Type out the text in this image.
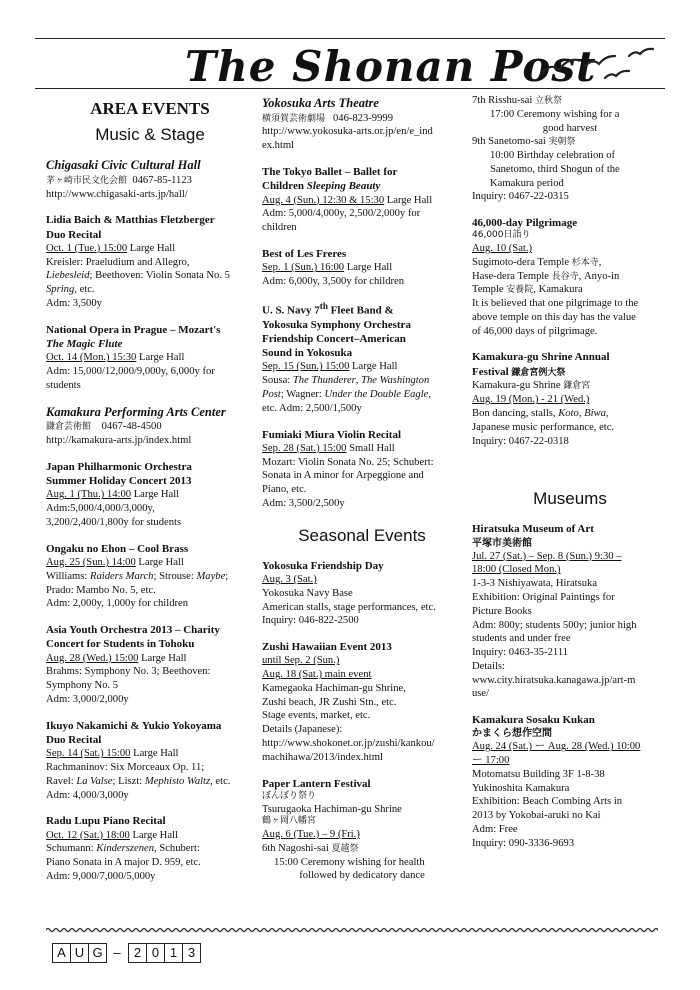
The Shonan Post
AREA EVENTS
Music & Stage
Chigasaki Civic Cultural Hall
茅ヶ崎市民文化会館 0467-85-1123
http://www.chigasaki-arts.jp/hall/
Lidia Baich & Matthias Fletzberger
Duo Recital
Oct. 1 (Tue.) 15:00 Large Hall
Kreisler: Praeludium and Allegro,
Liebesleid; Beethoven: Violin Sonata No. 5
Spring, etc.
Adm: 3,500y
National Opera in Prague – Mozart's
The Magic Flute
Oct. 14 (Mon.) 15:30 Large Hall
Adm: 15,000/12,000/9,000y, 6,000y for
students
Kamakura Performing Arts Center
鎌倉芸術館 0467-48-4500
http://kamakura-arts.jp/index.html
Japan Philharmonic Orchestra
Summer Holiday Concert 2013
Aug. 1 (Thu.) 14:00 Large Hall
Adm:5,000/4,000/3,000y,
3,200/2,400/1,800y for students
Ongaku no Ehon – Cool Brass
Aug. 25 (Sun.) 14:00 Large Hall
Williams: Raiders March; Strouse: Maybe;
Prado: Mambo No. 5, etc.
Adm: 2,000y, 1,000y for children
Asia Youth Orchestra 2013 – Charity
Concert for Students in Tohoku
Aug. 28 (Wed.) 15:00 Large Hall
Brahms: Symphony No. 3; Beethoven:
Symphony No. 5
Adm: 3,000/2,000y
Ikuyo Nakamichi & Yukio Yokoyama
Duo Recital
Sep. 14 (Sat.) 15:00 Large Hall
Rachmaninov: Six Morceaux Op. 11;
Ravel: La Valse; Liszt: Mephisto Waltz, etc.
Adm: 4,000/3,000y
Radu Lupu Piano Recital
Oct. 12 (Sat.) 18:00 Large Hall
Schumann: Kinderszenen, Schubert:
Piano Sonata in A major D. 959, etc.
Adm: 9,000/7,000/5,000y
Yokosuka Arts Theatre
横須賀芸術劇場 046-823-9999
http://www.yokosuka-arts.or.jp/en/e_ind
ex.html
The Tokyo Ballet – Ballet for
Children Sleeping Beauty
Aug. 4 (Sun.) 12:30 & 15:30 Large Hall
Adm: 5,000/4,000y, 2,500/2,000y for
children
Best of Les Freres
Sep. 1 (Sun.) 16:00 Large Hall
Adm: 6,000y, 3,500y for children
U. S. Navy 7th Fleet Band &
Yokosuka Symphony Orchestra
Friendship Concert–American
Sound in Yokosuka
Sep. 15 (Sun.) 15:00 Large Hall
Sousa: The Thunderer, The Washington
Post; Wagner: Under the Double Eagle,
etc. Adm: 2,500/1,500y
Fumiaki Miura Violin Recital
Sep. 28 (Sat.) 15:00 Small Hall
Mozart: Violin Sonata No. 25; Schubert:
Sonata in A minor for Arpeggione and
Piano, etc.
Adm: 3,500/2,500y
Seasonal Events
Yokosuka Friendship Day
Aug. 3 (Sat.)
Yokosuka Navy Base
American stalls, stage performances, etc.
Inquiry: 046-822-2500
Zushi Hawaiian Event 2013
until Sep. 2 (Sun.)
Aug. 18 (Sat.) main event
Kamegaoka Hachiman-gu Shrine,
Zushi beach, JR Zushi Stn., etc.
Stage events, market, etc.
Details (Japanese):
http://www.shokonet.or.jp/zushi/kankou/
machihawa/2013/index.html
Paper Lantern Festival
ぼんぼり祭り
Tsurugaoka Hachiman-gu Shrine
鶴ヶ岡八幡宮
Aug. 6 (Tue.) – 9 (Fri.)
6th Nagoshi-sai 夏越祭
15:00 Ceremony wishing for health
followed by dedicatory dance
7th Risshu-sai 立秋祭
17:00 Ceremony wishing for a
good harvest
9th Sanetomo-sai 実朝祭
10:00 Birthday celebration of
Sanetomo, third Shogun of the
Kamakura period
Inquiry: 0467-22-0315
46,000-day Pilgrimage
46,000日詣り
Aug. 10 (Sat.)
Sugimoto-dera Temple 杉本寺,
Hase-dera Temple 長谷寺, Anyo-in
Temple 安養院, Kamakura
It is believed that one pilgrimage to the
above temple on this day has the value
of 46,000 days of pilgrimage.
Kamakura-gu Shrine Annual
Festival 鎌倉宮例大祭
Kamakura-gu Shrine 鎌倉宮
Aug. 19 (Mon.) - 21 (Wed.)
Bon dancing, stalls, Koto, Biwa,
Japanese music performance, etc.
Inquiry: 0467-22-0318
Museums
Hiratsuka Museum of Art
平塚市美術館
Jul. 27 (Sat.) – Sep. 8 (Sun.) 9:30 –
18:00 (Closed Mon.)
1-3-3 Nishiyawata, Hiratsuka
Exhibition: Original Paintings for
Picture Books
Adm: 800y; students 500y; junior high
students and under free
Inquiry: 0463-35-2111
Details:
www.city.hiratsuka.kanagawa.jp/art-m
use/
Kamakura Sosaku Kukan
かまくら想作空間
Aug. 24 (Sat.) ー Aug. 28 (Wed.) 10:00
ー 17:00
Motomatsu Building 3F 1-8-38
Yukinoshita Kamakura
Exhibition: Beach Combing Arts in
2013 by Yokobai-aruki no Kai
Adm: Free
Inquiry: 090-3336-9693
A U G –	2 0 1 3
